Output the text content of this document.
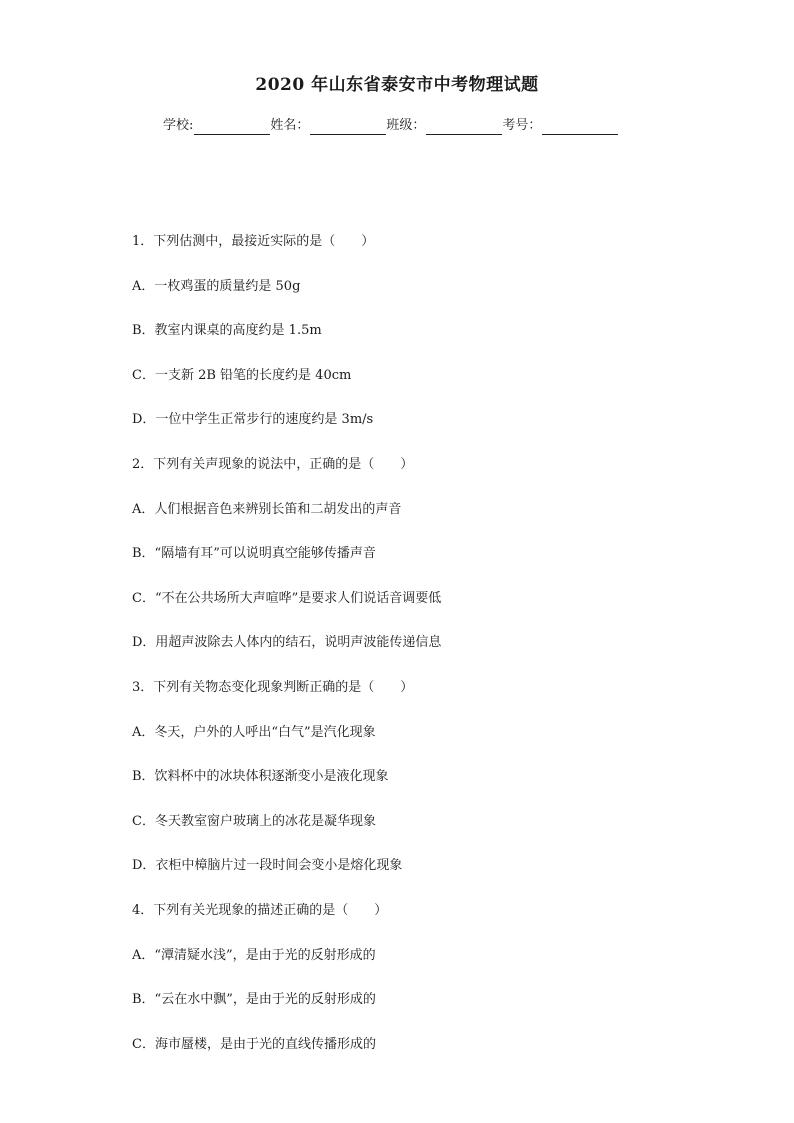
2020 年山东省泰安市中考物理试题
学校:	姓名：	班级：	考号：
1．下列估测中，最接近实际的是（　　）
A．一枚鸡蛋的质量约是 50g
B．教室内课桌的高度约是 1.5m
C．一支新 2B 铅笔的长度约是 40cm
D．一位中学生正常步行的速度约是 3m/s
2．下列有关声现象的说法中，正确的是（　　）
A．人们根据音色来辨别长笛和二胡发出的声音
B．“隔墙有耳”可以说明真空能够传播声音
C．“不在公共场所大声喧哗”是要求人们说话音调要低
D．用超声波除去人体内的结石，说明声波能传递信息
3．下列有关物态变化现象判断正确的是（　　）
A．冬天，户外的人呼出“白气”是汽化现象
B．饮料杯中的冰块体积逐渐变小是液化现象
C．冬天教室窗户玻璃上的冰花是凝华现象
D．衣柜中樟脑片过一段时间会变小是熔化现象
4．下列有关光现象的描述正确的是（　　）
A．“潭清疑水浅”，是由于光的反射形成的
B．“云在水中飘”，是由于光的反射形成的
C．海市蜃楼，是由于光的直线传播形成的
